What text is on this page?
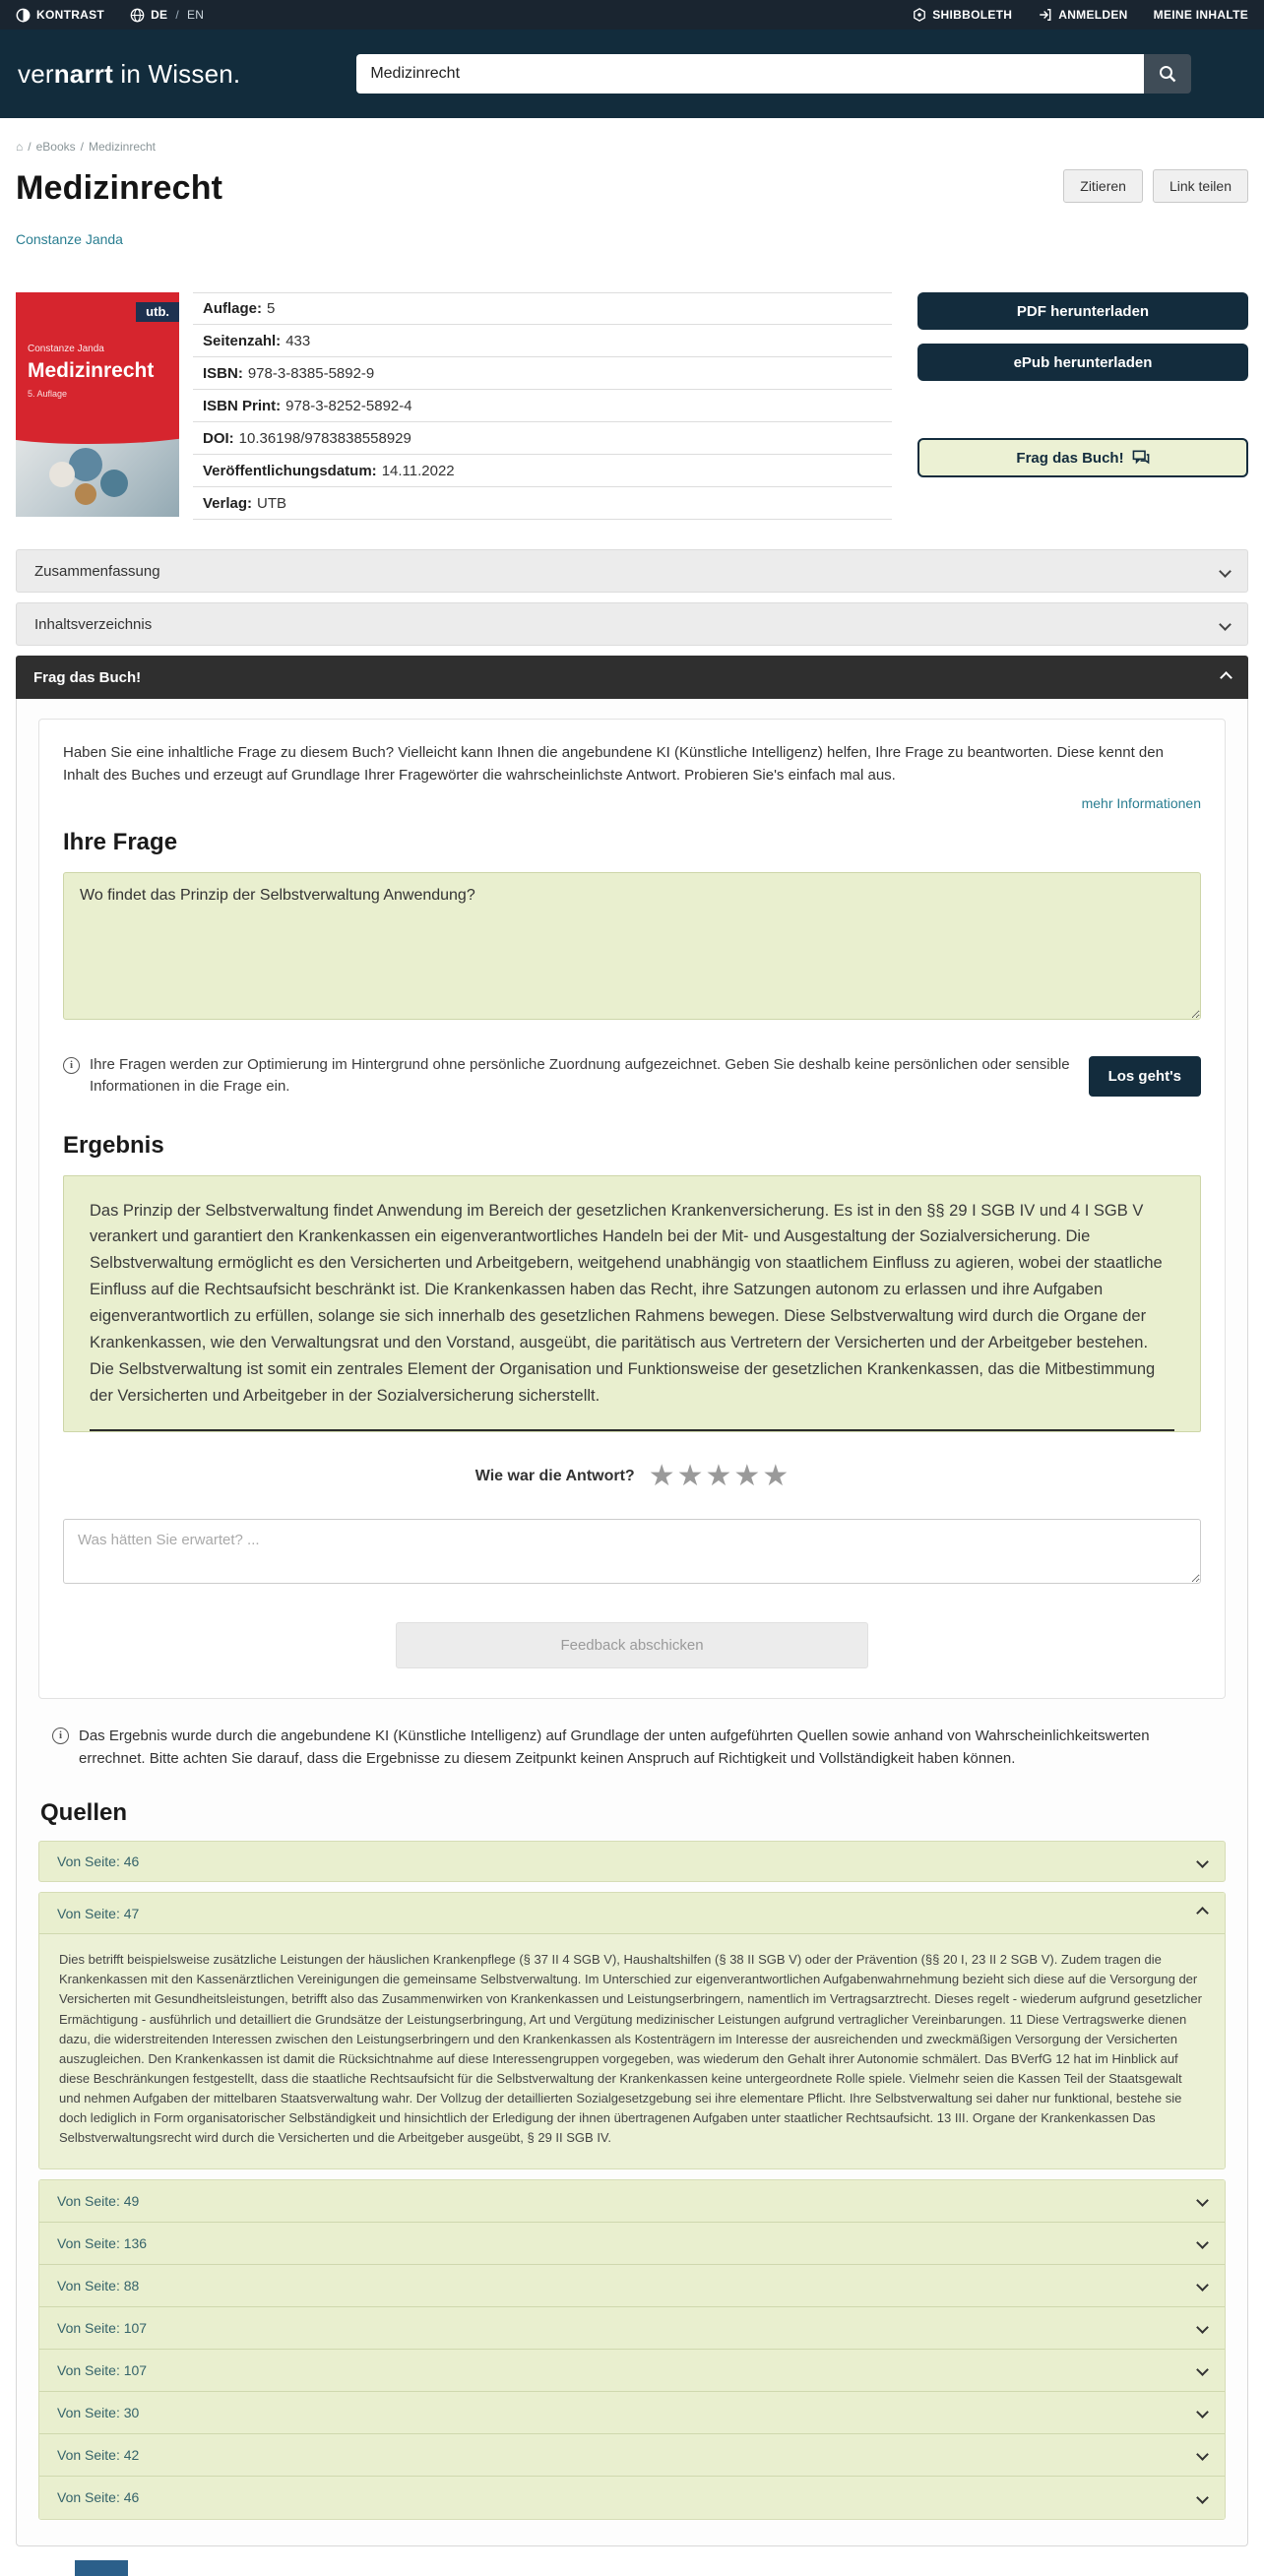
KONTRAST	DE / EN	SHIBBOLETH	ANMELDEN MEINE INHALTE
vernarrt in Wissen.
Medizinrecht
⌂ / eBooks / Medizinrecht
Medizinrecht	Zitieren	Link teilen
Constanze Janda
utb.
Constanze Janda
Medizinrecht
5. Auflage
Auflage: 5
Seitenzahl: 433
ISBN: 978-3-8385-5892-9
ISBN Print: 978-3-8252-5892-4
DOI: 10.36198/9783838558929
Veröffentlichungsdatum: 14.11.2022
Verlag: UTB
PDF herunterladen
ePub herunterladen
Frag das Buch!
Zusammenfassung
Inhaltsverzeichnis
Frag das Buch!

Haben Sie eine inhaltliche Frage zu diesem Buch? Vielleicht kann Ihnen die angebundene KI (Künstliche Intelligenz) helfen, Ihre Frage zu beantworten. Diese kennt den Inhalt des Buches und erzeugt auf Grundlage Ihrer Fragewörter die wahrscheinlichste Antwort. Probieren Sie's einfach mal aus.

mehr Informationen
Ihre Frage
Wo findet das Prinzip der Selbstverwaltung Anwendung?
i	Ihre Fragen werden zur Optimierung im Hintergrund ohne persönliche Zuordnung aufgezeichnet. Geben Sie deshalb keine persönlichen oder sensible Informationen in die Frage ein.
Los geht's
Ergebnis
Das Prinzip der Selbstverwaltung findet Anwendung im Bereich der gesetzlichen Krankenversicherung. Es ist in den §§ 29 I SGB IV und 4 I SGB V verankert und garantiert den Krankenkassen ein eigenverantwortliches Handeln bei der Mit- und Ausgestaltung der Sozialversicherung. Die Selbstverwaltung ermöglicht es den Versicherten und Arbeitgebern, weitgehend unabhängig von staatlichem Einfluss zu agieren, wobei der staatliche Einfluss auf die Rechtsaufsicht beschränkt ist. Die Krankenkassen haben das Recht, ihre Satzungen autonom zu erlassen und ihre Aufgaben eigenverantwortlich zu erfüllen, solange sie sich innerhalb des gesetzlichen Rahmens bewegen. Diese Selbstverwaltung wird durch die Organe der Krankenkassen, wie den Verwaltungsrat und den Vorstand, ausgeübt, die paritätisch aus Vertretern der Versicherten und der Arbeitgeber bestehen. Die Selbstverwaltung ist somit ein zentrales Element der Organisation und Funktionsweise der gesetzlichen Krankenkassen, das die Mitbestimmung der Versicherten und Arbeitgeber in der Sozialversicherung sicherstellt.
Wie war die Antwort? ★ ★ ★ ★ ★
Was hätten Sie erwartet? ...
Feedback abschicken
i	Das Ergebnis wurde durch die angebundene KI (Künstliche Intelligenz) auf Grundlage der unten aufgeführten Quellen sowie anhand von Wahrscheinlichkeitswerten errechnet. Bitte achten Sie darauf, dass die Ergebnisse zu diesem Zeitpunkt keinen Anspruch auf Richtigkeit und Vollständigkeit haben können.
Quellen
Von Seite: 46
Von Seite: 47
Dies betrifft beispielsweise zusätzliche Leistungen der häuslichen Krankenpflege (§ 37 II 4 SGB V), Haushaltshilfen (§ 38 II SGB V) oder der Prävention (§§ 20 I, 23 II 2 SGB V). Zudem tragen die Krankenkassen mit den Kassenärztlichen Vereinigungen die gemeinsame Selbstverwaltung. Im Unterschied zur eigenverantwortlichen Aufgabenwahrnehmung bezieht sich diese auf die Versorgung der Versicherten mit Gesundheitsleistungen, betrifft also das Zusammenwirken von Krankenkassen und Leistungserbringern, namentlich im Vertragsarztrecht. Dieses regelt - wiederum aufgrund gesetzlicher Ermächtigung - ausführlich und detailliert die Grundsätze der Leistungserbringung, Art und Vergütung medizinischer Leistungen aufgrund vertraglicher Vereinbarungen. 11 Diese Vertragswerke dienen dazu, die widerstreitenden Interessen zwischen den Leistungserbringern und den Krankenkassen als Kostenträgern im Interesse der ausreichenden und zweckmäßigen Versorgung der Versicherten auszugleichen. Den Krankenkassen ist damit die Rücksichtnahme auf diese Interessengruppen vorgegeben, was wiederum den Gehalt ihrer Autonomie schmälert. Das BVerfG 12 hat im Hinblick auf diese Beschränkungen festgestellt, dass die staatliche Rechtsaufsicht für die Selbstverwaltung der Krankenkassen keine untergeordnete Rolle spiele. Vielmehr seien die Kassen Teil der Staatsgewalt und nehmen Aufgaben der mittelbaren Staatsverwaltung wahr. Der Vollzug der detaillierten Sozialgesetzgebung sei ihre elementare Pflicht. Ihre Selbstverwaltung sei daher nur funktional, bestehe sie doch lediglich in Form organisatorischer Selbständigkeit und hinsichtlich der Erledigung der ihnen übertragenen Aufgaben unter staatlicher Rechtsaufsicht. 13 III. Organe der Krankenkassen Das Selbstverwaltungsrecht wird durch die Versicherten und die Arbeitgeber ausgeübt, § 29 II SGB IV.
Von Seite: 49
Von Seite: 136
Von Seite: 88
Von Seite: 107
Von Seite: 107
Von Seite: 30
Von Seite: 42
Von Seite: 46
